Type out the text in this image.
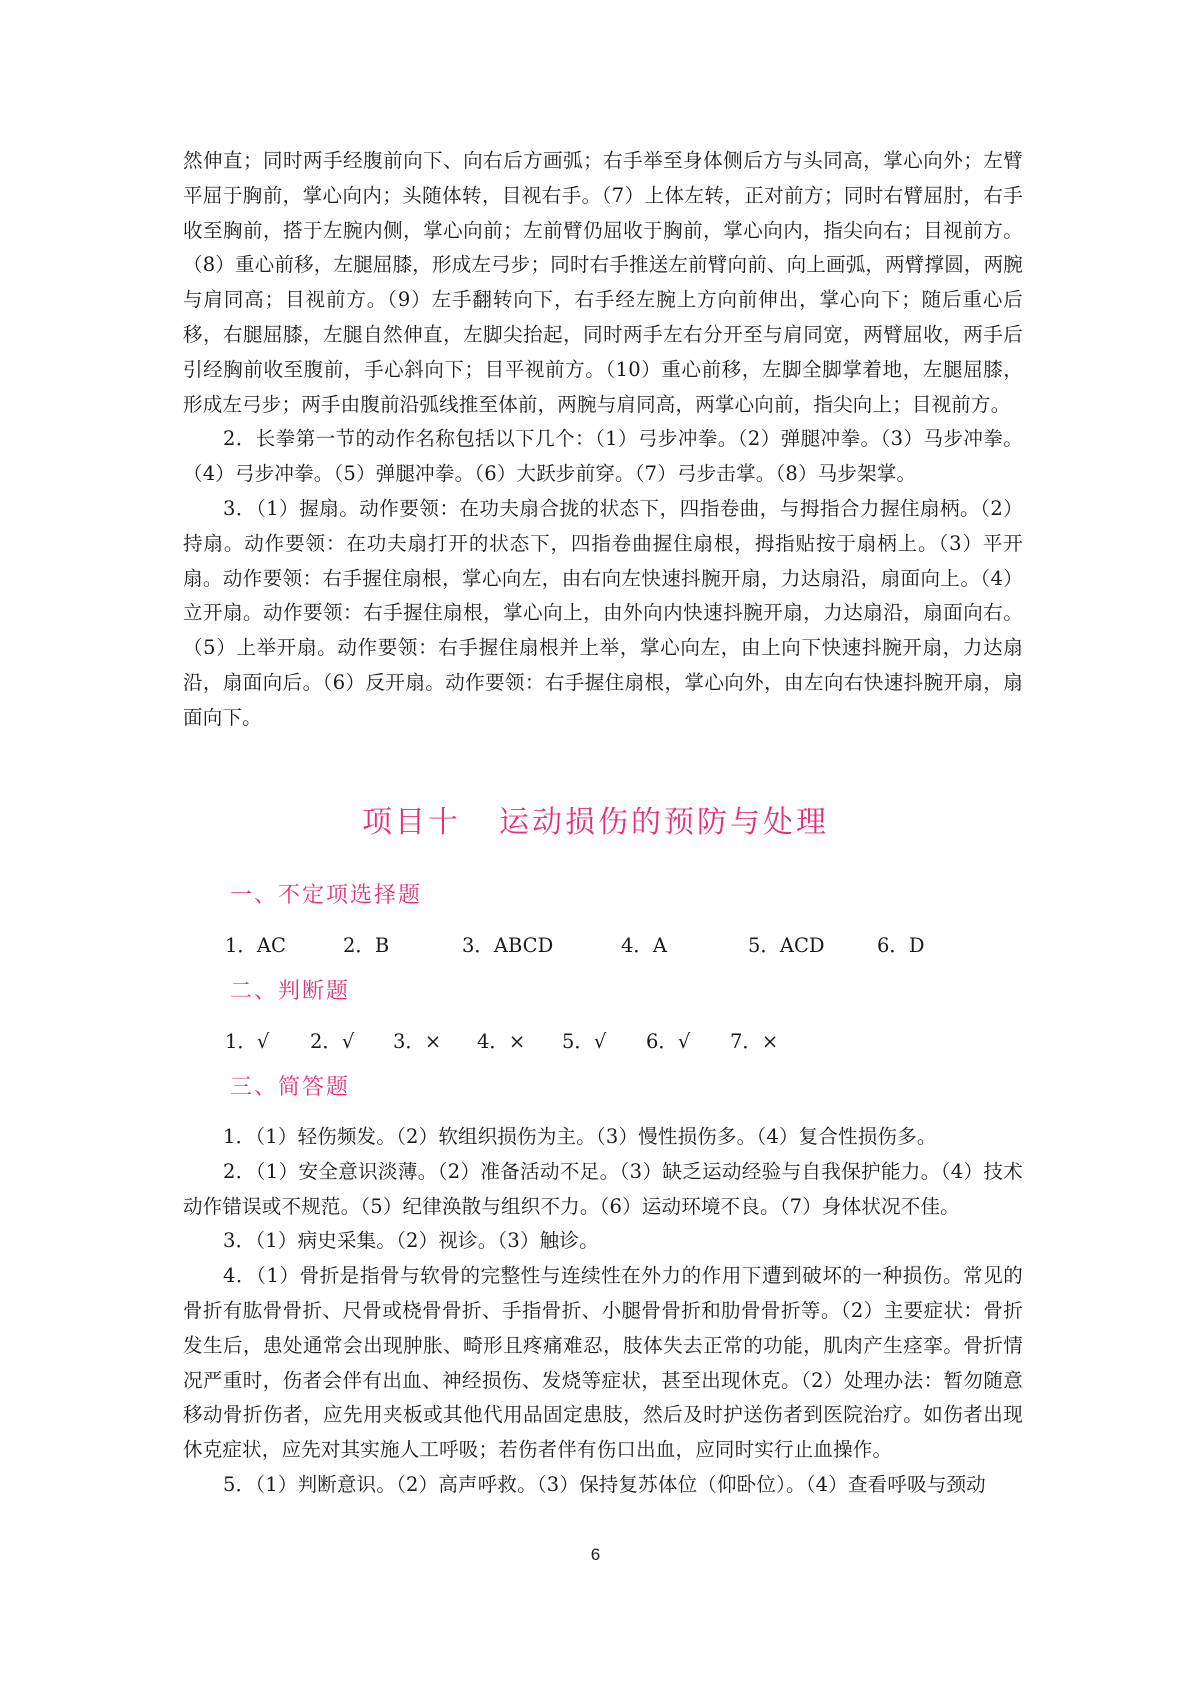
然伸直；同时两手经腹前向下、向右后方画弧；右手举至身体侧后方与头同高，掌心向外；左臂平屈于胸前，掌心向内；头随体转，目视右手。（7）上体左转，正对前方；同时右臂屈肘，右手收至胸前，搭于左腕内侧，掌心向前；左前臂仍屈收于胸前，掌心向内，指尖向右；目视前方。（8）重心前移，左腿屈膝，形成左弓步；同时右手推送左前臂向前、向上画弧，两臂撑圆，两腕与肩同高；目视前方。（9）左手翻转向下，右手经左腕上方向前伸出，掌心向下；随后重心后移，右腿屈膝，左腿自然伸直，左脚尖抬起，同时两手左右分开至与肩同宽，两臂屈收，两手后引经胸前收至腹前，手心斜向下；目平视前方。（10）重心前移，左脚全脚掌着地，左腿屈膝，形成左弓步；两手由腹前沿弧线推至体前，两腕与肩同高，两掌心向前，指尖向上；目视前方。

2．长拳第一节的动作名称包括以下几个：（1）弓步冲拳。（2）弹腿冲拳。（3）马步冲拳。（4）弓步冲拳。（5）弹腿冲拳。（6）大跃步前穿。（7）弓步击掌。（8）马步架掌。

3．（1）握扇。动作要领：在功夫扇合拢的状态下，四指卷曲，与拇指合力握住扇柄。（2）持扇。动作要领：在功夫扇打开的状态下，四指卷曲握住扇根，拇指贴按于扇柄上。（3）平开扇。动作要领：右手握住扇根，掌心向左，由右向左快速抖腕开扇，力达扇沿，扇面向上。（4）立开扇。动作要领：右手握住扇根，掌心向上，由外向内快速抖腕开扇，力达扇沿，扇面向右。（5）上举开扇。动作要领：右手握住扇根并上举，掌心向左，由上向下快速抖腕开扇，力达扇沿，扇面向后。（6）反开扇。动作要领：右手握住扇根，掌心向外，由左向右快速抖腕开扇，扇面向下。

项目十 运动损伤的预防与处理
一、不定项选择题
1．AC	2．B	3．ABCD	4．A	5．ACD	6．D
二、判断题
1．√ 2．√ 3．× 4．× 5．√ 6．√ 7．×
三、简答题

1．（1）轻伤频发。（2）软组织损伤为主。（3）慢性损伤多。（4）复合性损伤多。

2．（1）安全意识淡薄。（2）准备活动不足。（3）缺乏运动经验与自我保护能力。（4）技术动作错误或不规范。（5）纪律涣散与组织不力。（6）运动环境不良。（7）身体状况不佳。

3．（1）病史采集。（2）视诊。（3）触诊。

4．（1）骨折是指骨与软骨的完整性与连续性在外力的作用下遭到破坏的一种损伤。常见的骨折有肱骨骨折、尺骨或桡骨骨折、手指骨折、小腿骨骨折和肋骨骨折等。（2）主要症状：骨折发生后，患处通常会出现肿胀、畸形且疼痛难忍，肢体失去正常的功能，肌肉产生痉挛。骨折情况严重时，伤者会伴有出血、神经损伤、发烧等症状，甚至出现休克。（2）处理办法：暂勿随意移动骨折伤者，应先用夹板或其他代用品固定患肢，然后及时护送伤者到医院治疗。如伤者出现休克症状，应先对其实施人工呼吸；若伤者伴有伤口出血，应同时实行止血操作。

5．（1）判断意识。（2）高声呼救。（3）保持复苏体位（仰卧位）。（4）查看呼吸与颈动

6
